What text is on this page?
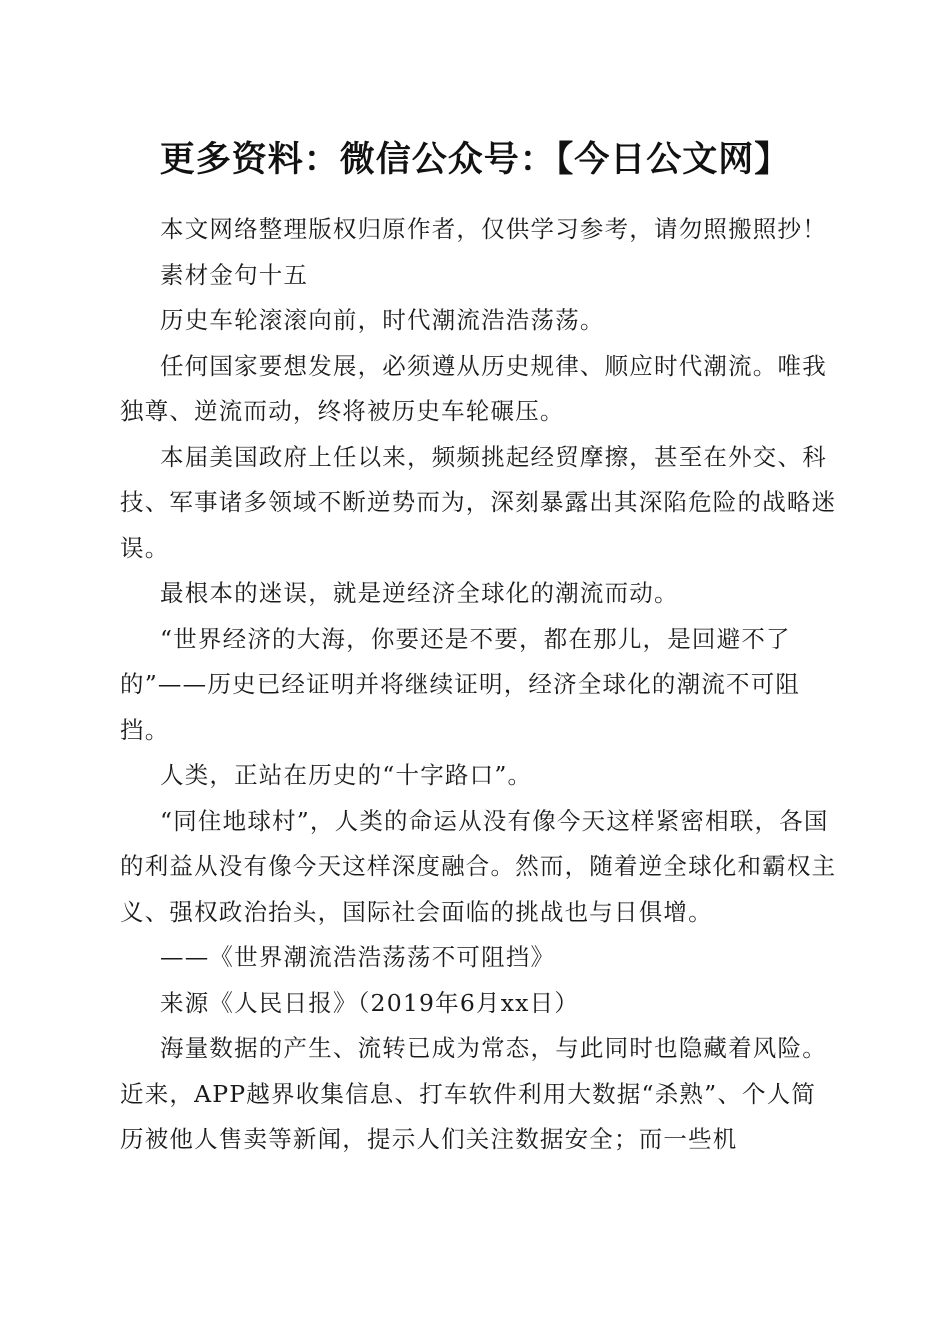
更多资料：微信公众号：【今日公文网】

本文网络整理版权归原作者，仅供学习参考，请勿照搬照抄！

素材金句十五

历史车轮滚滚向前，时代潮流浩浩荡荡。

任何国家要想发展，必须遵从历史规律、顺应时代潮流。唯我独尊、逆流而动，终将被历史车轮碾压。

本届美国政府上任以来，频频挑起经贸摩擦，甚至在外交、科技、军事诸多领域不断逆势而为，深刻暴露出其深陷危险的战略迷误。

最根本的迷误，就是逆经济全球化的潮流而动。

“世界经济的大海，你要还是不要，都在那儿，是回避不了的”——历史已经证明并将继续证明，经济全球化的潮流不可阻挡。

人类，正站在历史的“十字路口”。

“同住地球村”，人类的命运从没有像今天这样紧密相联，各国的利益从没有像今天这样深度融合。然而，随着逆全球化和霸权主义、强权政治抬头，国际社会面临的挑战也与日俱增。

——《世界潮流浩浩荡荡不可阻挡》

来源《人民日报》（2019年6月xx日）

海量数据的产生、流转已成为常态，与此同时也隐藏着风险。近来，APP越界收集信息、打车软件利用大数据“杀熟”、个人简历被他人售卖等新闻，提示人们关注数据安全；而一些机
